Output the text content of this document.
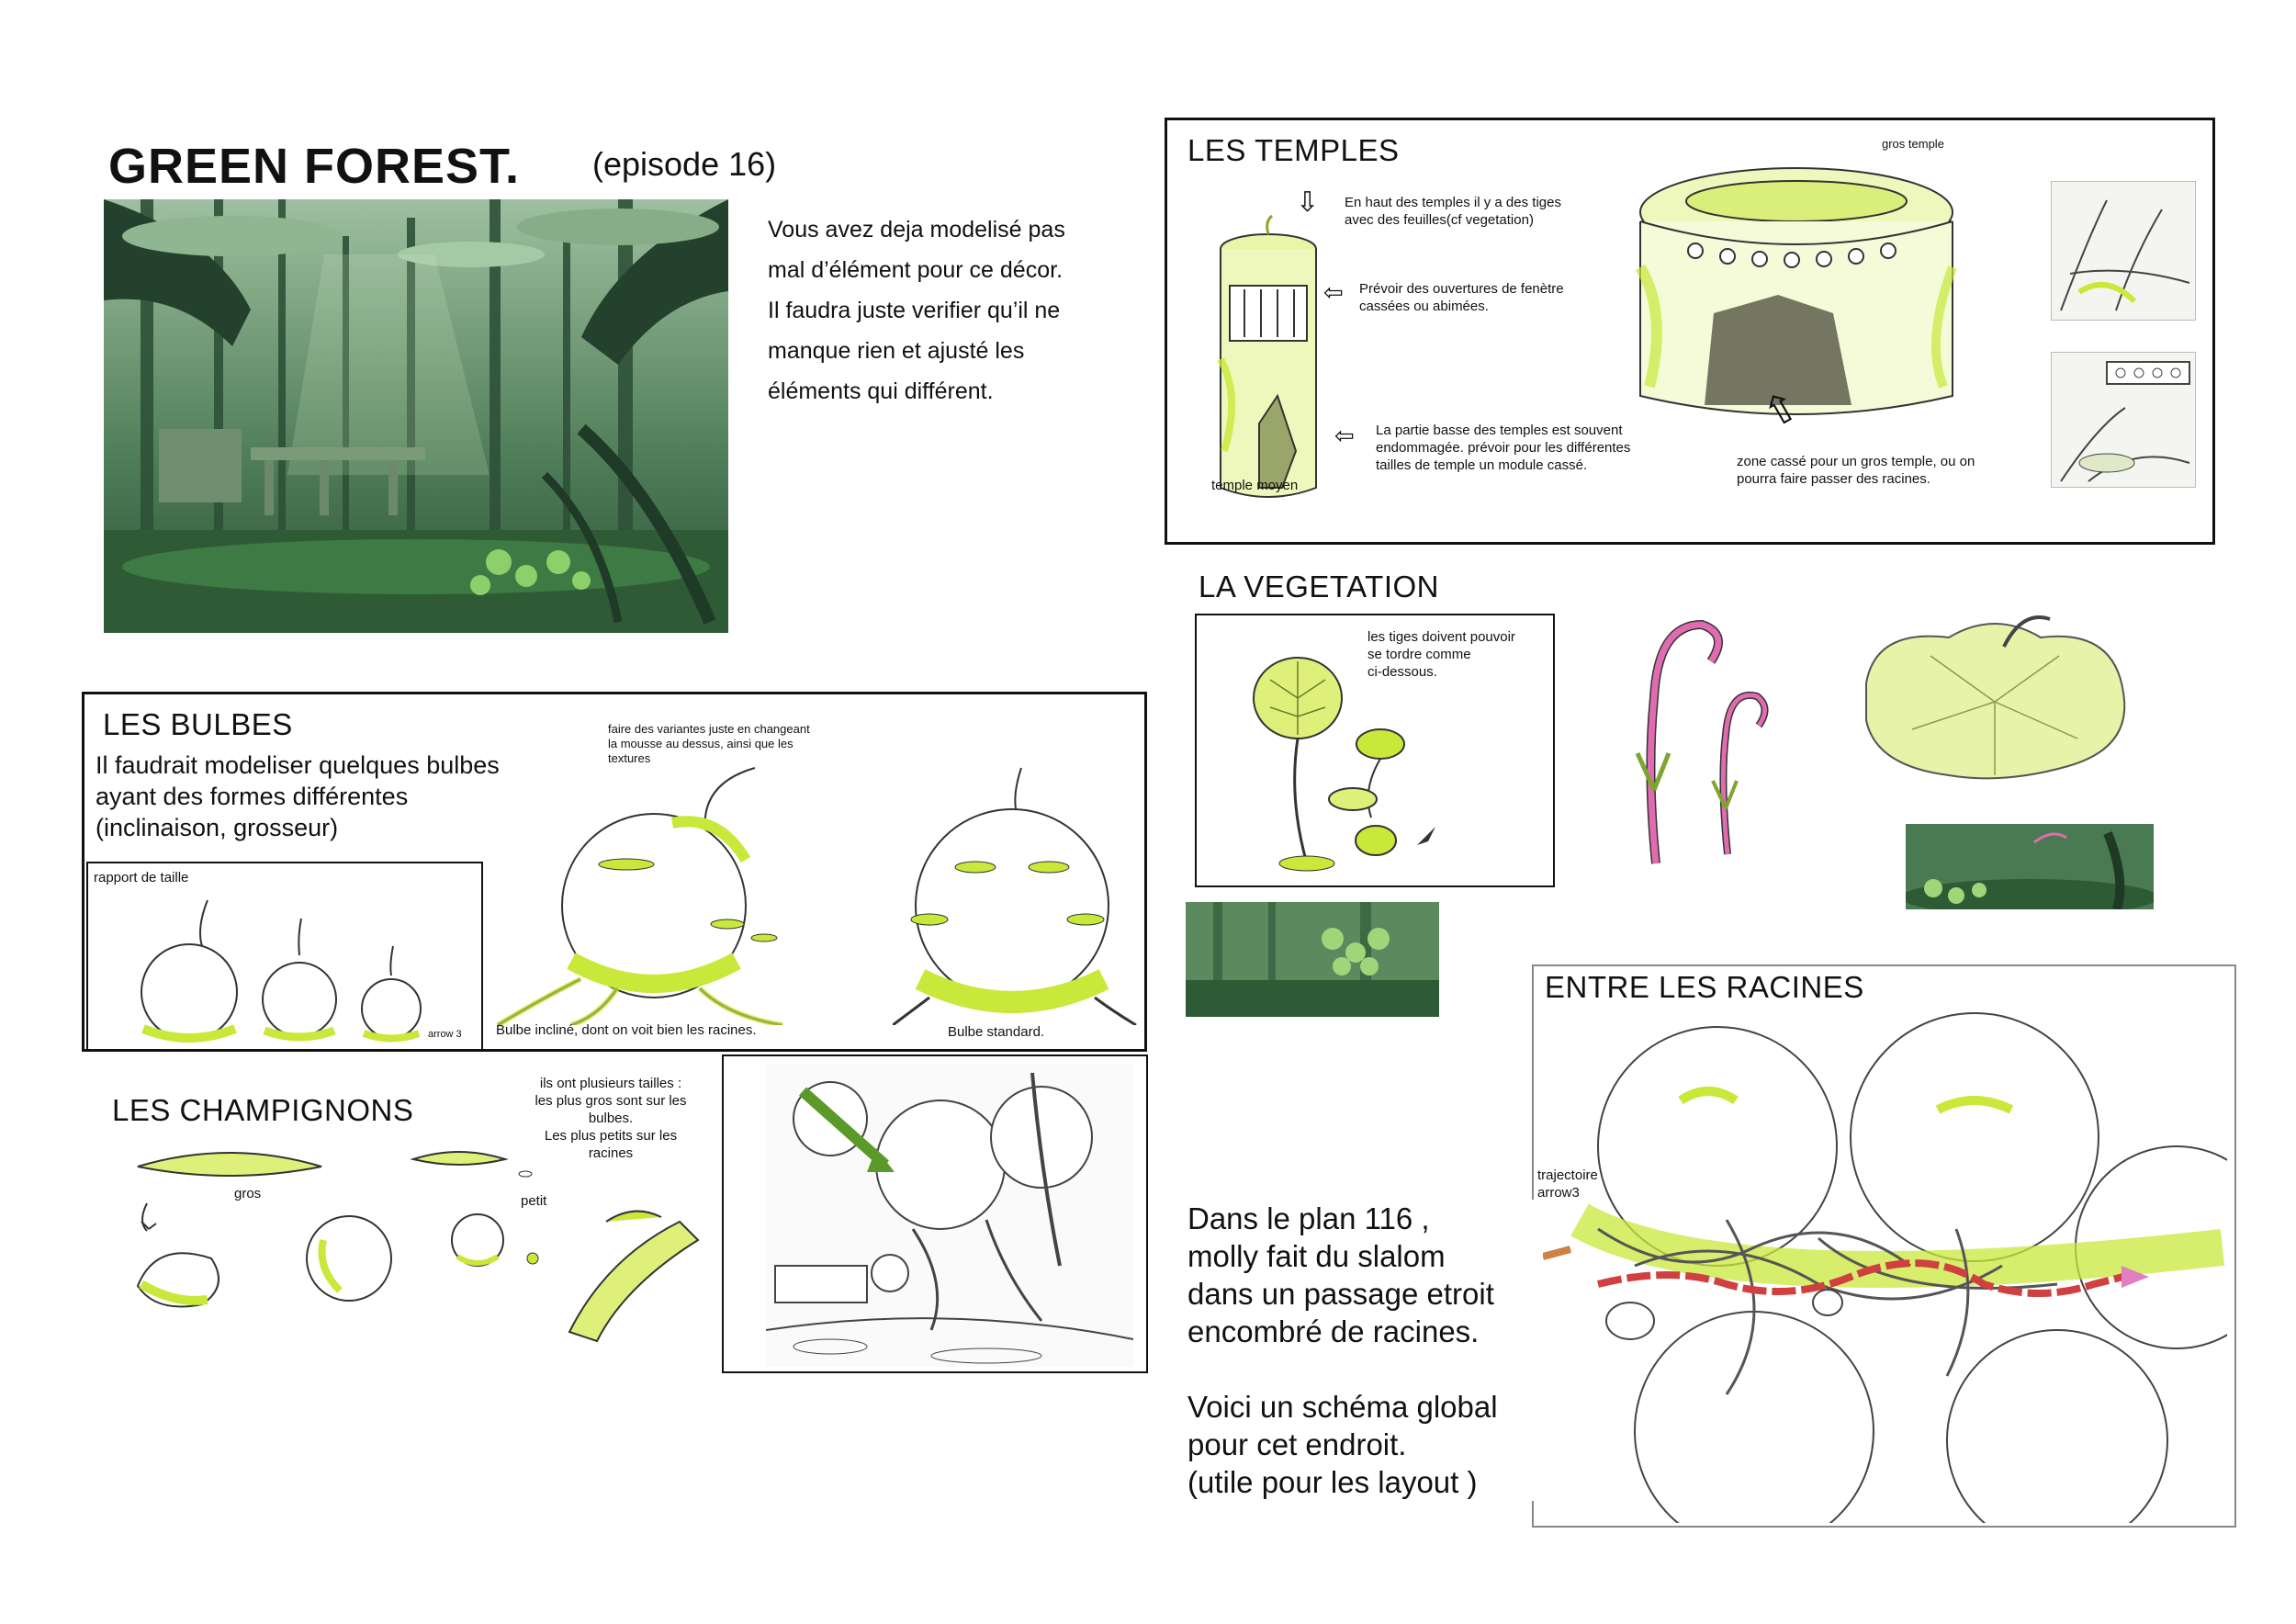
GREEN FOREST. (episode 16)
Vous avez deja modelisé pas
mal d’élément pour ce décor.
Il faudra juste verifier qu’il ne
manque rien et ajusté les
éléments qui différent.
LES TEMPLES
temple moyen
⇩
⇦
⇦
En haut des temples il y a des tiges
avec des feuilles(cf vegetation)
Prévoir des ouvertures de fenètre
cassées ou abimées.
La partie basse des temples est souvent
endommagée. prévoir pour les différentes
tailles de temple un module cassé.
gros temple
⇧
zone cassé pour un gros temple, ou on
pourra faire passer des racines.
LA VEGETATION
les tiges doivent pouvoir
se tordre comme
ci-dessous.
LES BULBES
Il faudrait modeliser quelques bulbes
ayant des formes différentes
(inclinaison, grosseur)
rapport de taille
arrow 3
faire des variantes juste en changeant
la mousse au dessus, ainsi que les
textures
Bulbe incliné, dont on voit bien les racines.	Bulbe standard.
LES CHAMPIGNONS
ils ont plusieurs tailles :
les plus gros sont sur les
bulbes.
Les plus petits sur les
racines
gros	petit
ENTRE LES RACINES
trajectoire
arrow3
Dans le plan 116 ,
molly fait du slalom
dans un passage etroit
encombré de racines.
Voici un schéma global
pour cet endroit.
(utile pour les layout )
